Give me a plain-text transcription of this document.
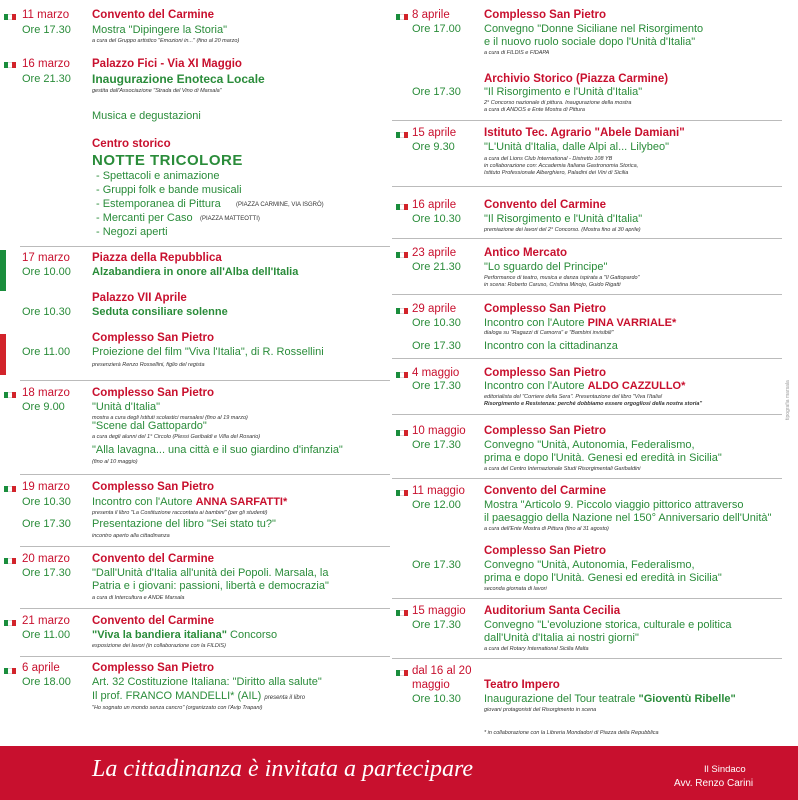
11 marzo Convento del Carmine
Ore 17.30 Mostra "Dipingere la Storia"
a cura del Gruppo artistico "Emozioni in..." (fino al 20 marzo)
16 marzo Palazzo Fici - Via XI Maggio
Ore 21.30 Inaugurazione Enoteca Locale
gestita dall'Associazione "Strada del Vino di Marsala"
Musica e degustazioni
Centro storico
NOTTE TRICOLORE
- Spettacoli e animazione
- Gruppi folk e bande musicali
- Estemporanea di Pittura	(PIAZZA CARMINE, VIA ISGRÒ)
- Mercanti per Caso (PIAZZA MATTEOTTI)
- Negozi aperti
17 marzo Piazza della Repubblica
Ore 10.00 Alzabandiera in onore all'Alba dell'Italia
Palazzo VII Aprile
Ore 10.30 Seduta consiliare solenne
Complesso San Pietro
Ore 11.00 Proiezione del film "Viva l'Italia", di R. Rossellini
presenzierà Renzo Rossellini, figlio del regista
18 marzo Complesso San Pietro
Ore 9.00 "Unità d'Italia"
mostra a cura degli Istituti scolastici marsalesi (fino al 19 marzo)
"Scene dal Gattopardo"
a cura degli alunni del 1° Circolo (Plessi Garibaldi e Villa del Rosario)
"Alla lavagna... una città e il suo giardino d'infanzia"
(fino al 10 maggio)
19 marzo Complesso San Pietro
Ore 10.30 Incontro con l'Autore ANNA SARFATTI*
presenta il libro "La Costituzione raccontata ai bambini" (per gli studenti)
Ore 17.30 Presentazione del libro "Sei stato tu?"
incontro aperto alla cittadinanza
20 marzo Convento del Carmine
Ore 17.30 "Dall'Unità d'Italia all'unità dei Popoli. Marsala, la
Patria e i giovani: passioni, libertà e democrazia"
a cura di Intercultura e ANDE Marsala
21 marzo Convento del Carmine
Ore 11.00 "Viva la bandiera italiana" Concorso
esposizione dei lavori (in collaborazione con la FILDIS)
6 aprile	Complesso San Pietro
Ore 18.00 Art. 32 Costituzione Italiana: "Diritto alla salute"
Il prof. FRANCO MANDELLI* (AIL) presenta il libro
"Ho sognato un mondo senza cancro" (organizzato con l'Avip Trapani)
8 aprile	Complesso San Pietro
Ore 17.00 Convegno "Donne Siciliane nel Risorgimento
e il nuovo ruolo sociale dopo l'Unità d'Italia"
a cura di FILDIS e FIDAPA
Archivio Storico (Piazza Carmine)
Ore 17.30 "Il Risorgimento e l'Unità d'Italia"
2° Concorso nazionale di pittura. Inaugurazione della mostra
a cura di ANDOS e Ente Mostra di Pittura
15 aprile Istituto Tec. Agrario "Abele Damiani"
Ore 9.30	"L'Unità d'Italia, dalle Alpi al... Lilybeo"
a cura del Lions Club International - Distretto 108 YB
in collaborazione con: Accademia Italiana Gastronomia Storica,
Istituto Professionale Alberghiero, Paladini dei Vini di Sicilia
16 aprile Convento del Carmine
Ore 10.30 "Il Risorgimento e l'Unità d'Italia"
premiazione dei lavori del 2° Concorso. (Mostra fino al 30 aprile)
23 aprile Antico Mercato
Ore 21.30 "Lo sguardo del Principe"
Performance di teatro, musica e danza ispirata a "Il Gattopardo"
in scena: Roberto Caruso, Cristina Minojo, Guido Rigatti
29 aprile Complesso San Pietro
Ore 10.30 Incontro con l'Autore PINA VARRIALE*
dialoga su "Ragazzi di Camorra" e "Bambini invisibili"
Ore 17.30 Incontro con la cittadinanza
4 maggio Complesso San Pietro
Ore 17.30 Incontro con l'Autore ALDO CAZZULLO*
editorialista del "Corriere della Sera". Presentazione del libro "Viva l'Italia!
Risorgimento e Resistenza: perché dobbiamo essere orgogliosi della nostra storia"
10 maggio Complesso San Pietro
Ore 17.30 Convegno "Unità, Autonomia, Federalismo,
prima e dopo l'Unità. Genesi ed eredità in Sicilia"
a cura del Centro Internazionale Studi Risorgimentali Garibaldini
11 maggio Convento del Carmine
Ore 12.00 Mostra "Articolo 9. Piccolo viaggio pittorico attraverso
il paesaggio della Nazione nel 150° Anniversario dell'Unità"
a cura dell'Ente Mostra di Pittura (fino al 31 agosto)
Complesso San Pietro
Ore 17.30 Convegno "Unità, Autonomia, Federalismo,
prima e dopo l'Unità. Genesi ed eredità in Sicilia"
seconda giornata di lavori
15 maggio Auditorium Santa Cecilia
Ore 17.30 Convegno "L'evoluzione storica, culturale e politica
dall'Unità d'Italia ai nostri giorni"
a cura del Rotary International Sicilia Malta
dal 16 al 20
maggio	Teatro Impero
Ore 10.30 Inaugurazione del Tour teatrale "Gioventù Ribelle"
giovani protagonisti del Risorgimento in scena
* in collaborazione con la Libreria Mondadori di Piazza della Repubblica
tipografia marsala
La cittadinanza è invitata a partecipare	Il Sindaco
Avv. Renzo Carini
